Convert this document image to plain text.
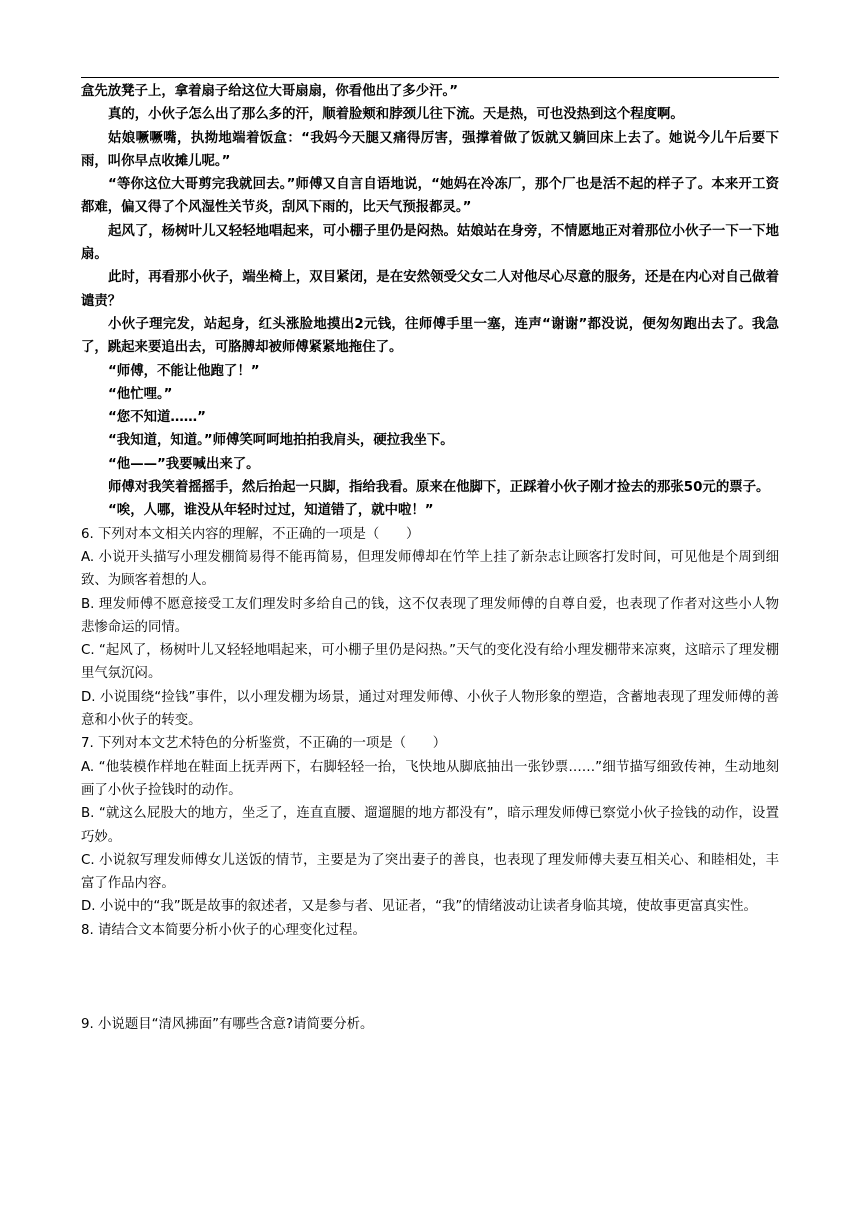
盒先放凳子上，拿着扇子给这位大哥扇扇，你看他出了多少汗。”

真的，小伙子怎么出了那么多的汗，顺着脸颊和脖颈儿往下流。天是热，可也没热到这个程度啊。

姑娘噘噘嘴，执拗地端着饭盒：“我妈今天腿又痛得厉害，强撑着做了饭就又躺回床上去了。她说今儿午后要下雨，叫你早点收摊儿呢。”

“等你这位大哥剪完我就回去。”师傅又自言自语地说，“她妈在冷冻厂，那个厂也是活不起的样子了。本来开工资都难，偏又得了个风湿性关节炎，刮风下雨的，比天气预报都灵。”

起风了，杨树叶儿又轻轻地唱起来，可小棚子里仍是闷热。姑娘站在身旁，不情愿地正对着那位小伙子一下一下地扇。

此时，再看那小伙子，端坐椅上，双目紧闭，是在安然领受父女二人对他尽心尽意的服务，还是在内心对自己做着谴责？

小伙子理完发，站起身，红头涨脸地摸出2元钱，往师傅手里一塞，连声“谢谢”都没说，便匆匆跑出去了。我急了，跳起来要追出去，可胳膊却被师傅紧紧地拖住了。

“师傅，不能让他跑了！”

“他忙哩。”

“您不知道……”

“我知道，知道。”师傅笑呵呵地拍拍我肩头，硬拉我坐下。

“他——”我要喊出来了。

师傅对我笑着摇摇手，然后抬起一只脚，指给我看。原来在他脚下，正踩着小伙子刚才捡去的那张50元的票子。

“唉，人哪，谁没从年轻时过过，知道错了，就中啦！”

6. 下列对本文相关内容的理解，不正确的一项是（　　）

A. 小说开头描写小理发棚简易得不能再简易，但理发师傅却在竹竿上挂了新杂志让顾客打发时间，可见他是个周到细致、为顾客着想的人。

B. 理发师傅不愿意接受工友们理发时多给自己的钱，这不仅表现了理发师傅的自尊自爱，也表现了作者对这些小人物悲惨命运的同情。

C. “起风了，杨树叶儿又轻轻地唱起来，可小棚子里仍是闷热。”天气的变化没有给小理发棚带来凉爽，这暗示了理发棚里气氛沉闷。

D. 小说围绕“捡钱”事件，以小理发棚为场景，通过对理发师傅、小伙子人物形象的塑造，含蓄地表现了理发师傅的善意和小伙子的转变。

7. 下列对本文艺术特色的分析鉴赏，不正确的一项是（　　）

A. “他装模作样地在鞋面上抚弄两下，右脚轻轻一抬，飞快地从脚底抽出一张钞票……”细节描写细致传神，生动地刻画了小伙子捡钱时的动作。

B. “就这么屁股大的地方，坐乏了，连直直腰、遛遛腿的地方都没有”，暗示理发师傅已察觉小伙子捡钱的动作，设置巧妙。

C. 小说叙写理发师傅女儿送饭的情节，主要是为了突出妻子的善良，也表现了理发师傅夫妻互相关心、和睦相处，丰富了作品内容。

D. 小说中的“我”既是故事的叙述者，又是参与者、见证者，“我”的情绪波动让读者身临其境，使故事更富真实性。

8. 请结合文本简要分析小伙子的心理变化过程。

9. 小说题目“清风拂面”有哪些含意?请简要分析。
